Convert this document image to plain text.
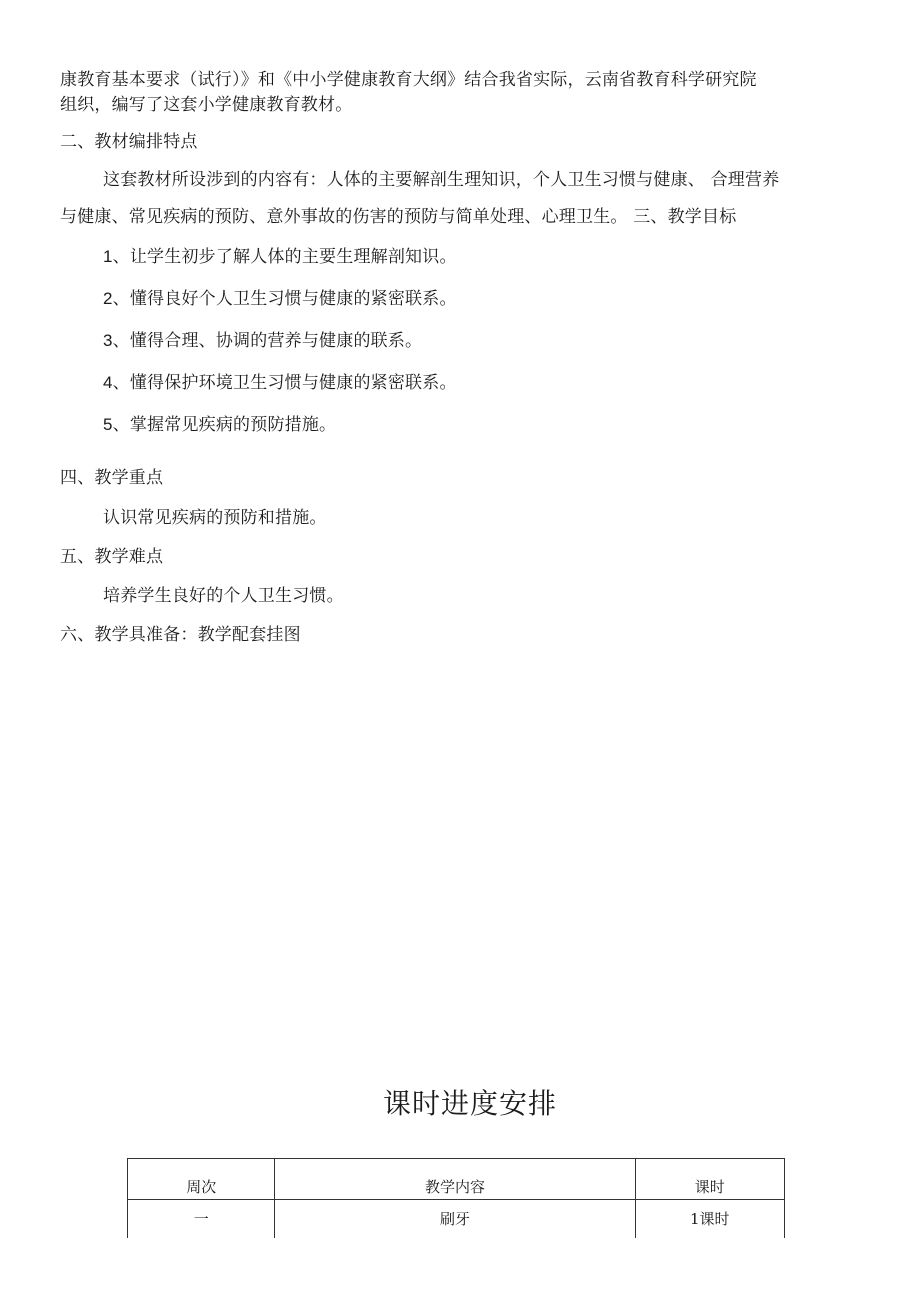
康教育基本要求（试行）》和《中小学健康教育大纲》结合我省实际，云南省教育科学研究院
组织，编写了这套小学健康教育教材。
二、教材编排特点
这套教材所设涉到的内容有：人体的主要解剖生理知识，个人卫生习惯与健康、 合理营养
与健康、常见疾病的预防、意外事故的伤害的预防与简单处理、心理卫生。 三、教学目标
1、让学生初步了解人体的主要生理解剖知识。
2、懂得良好个人卫生习惯与健康的紧密联系。
3、懂得合理、协调的营养与健康的联系。
4、懂得保护环境卫生习惯与健康的紧密联系。
5、掌握常见疾病的预防措施。
四、教学重点
认识常见疾病的预防和措施。
五、教学难点
培养学生良好的个人卫生习惯。
六、教学具准备：教学配套挂图
课时进度安排
周次	教学内容	课时
一	刷牙	1课时
